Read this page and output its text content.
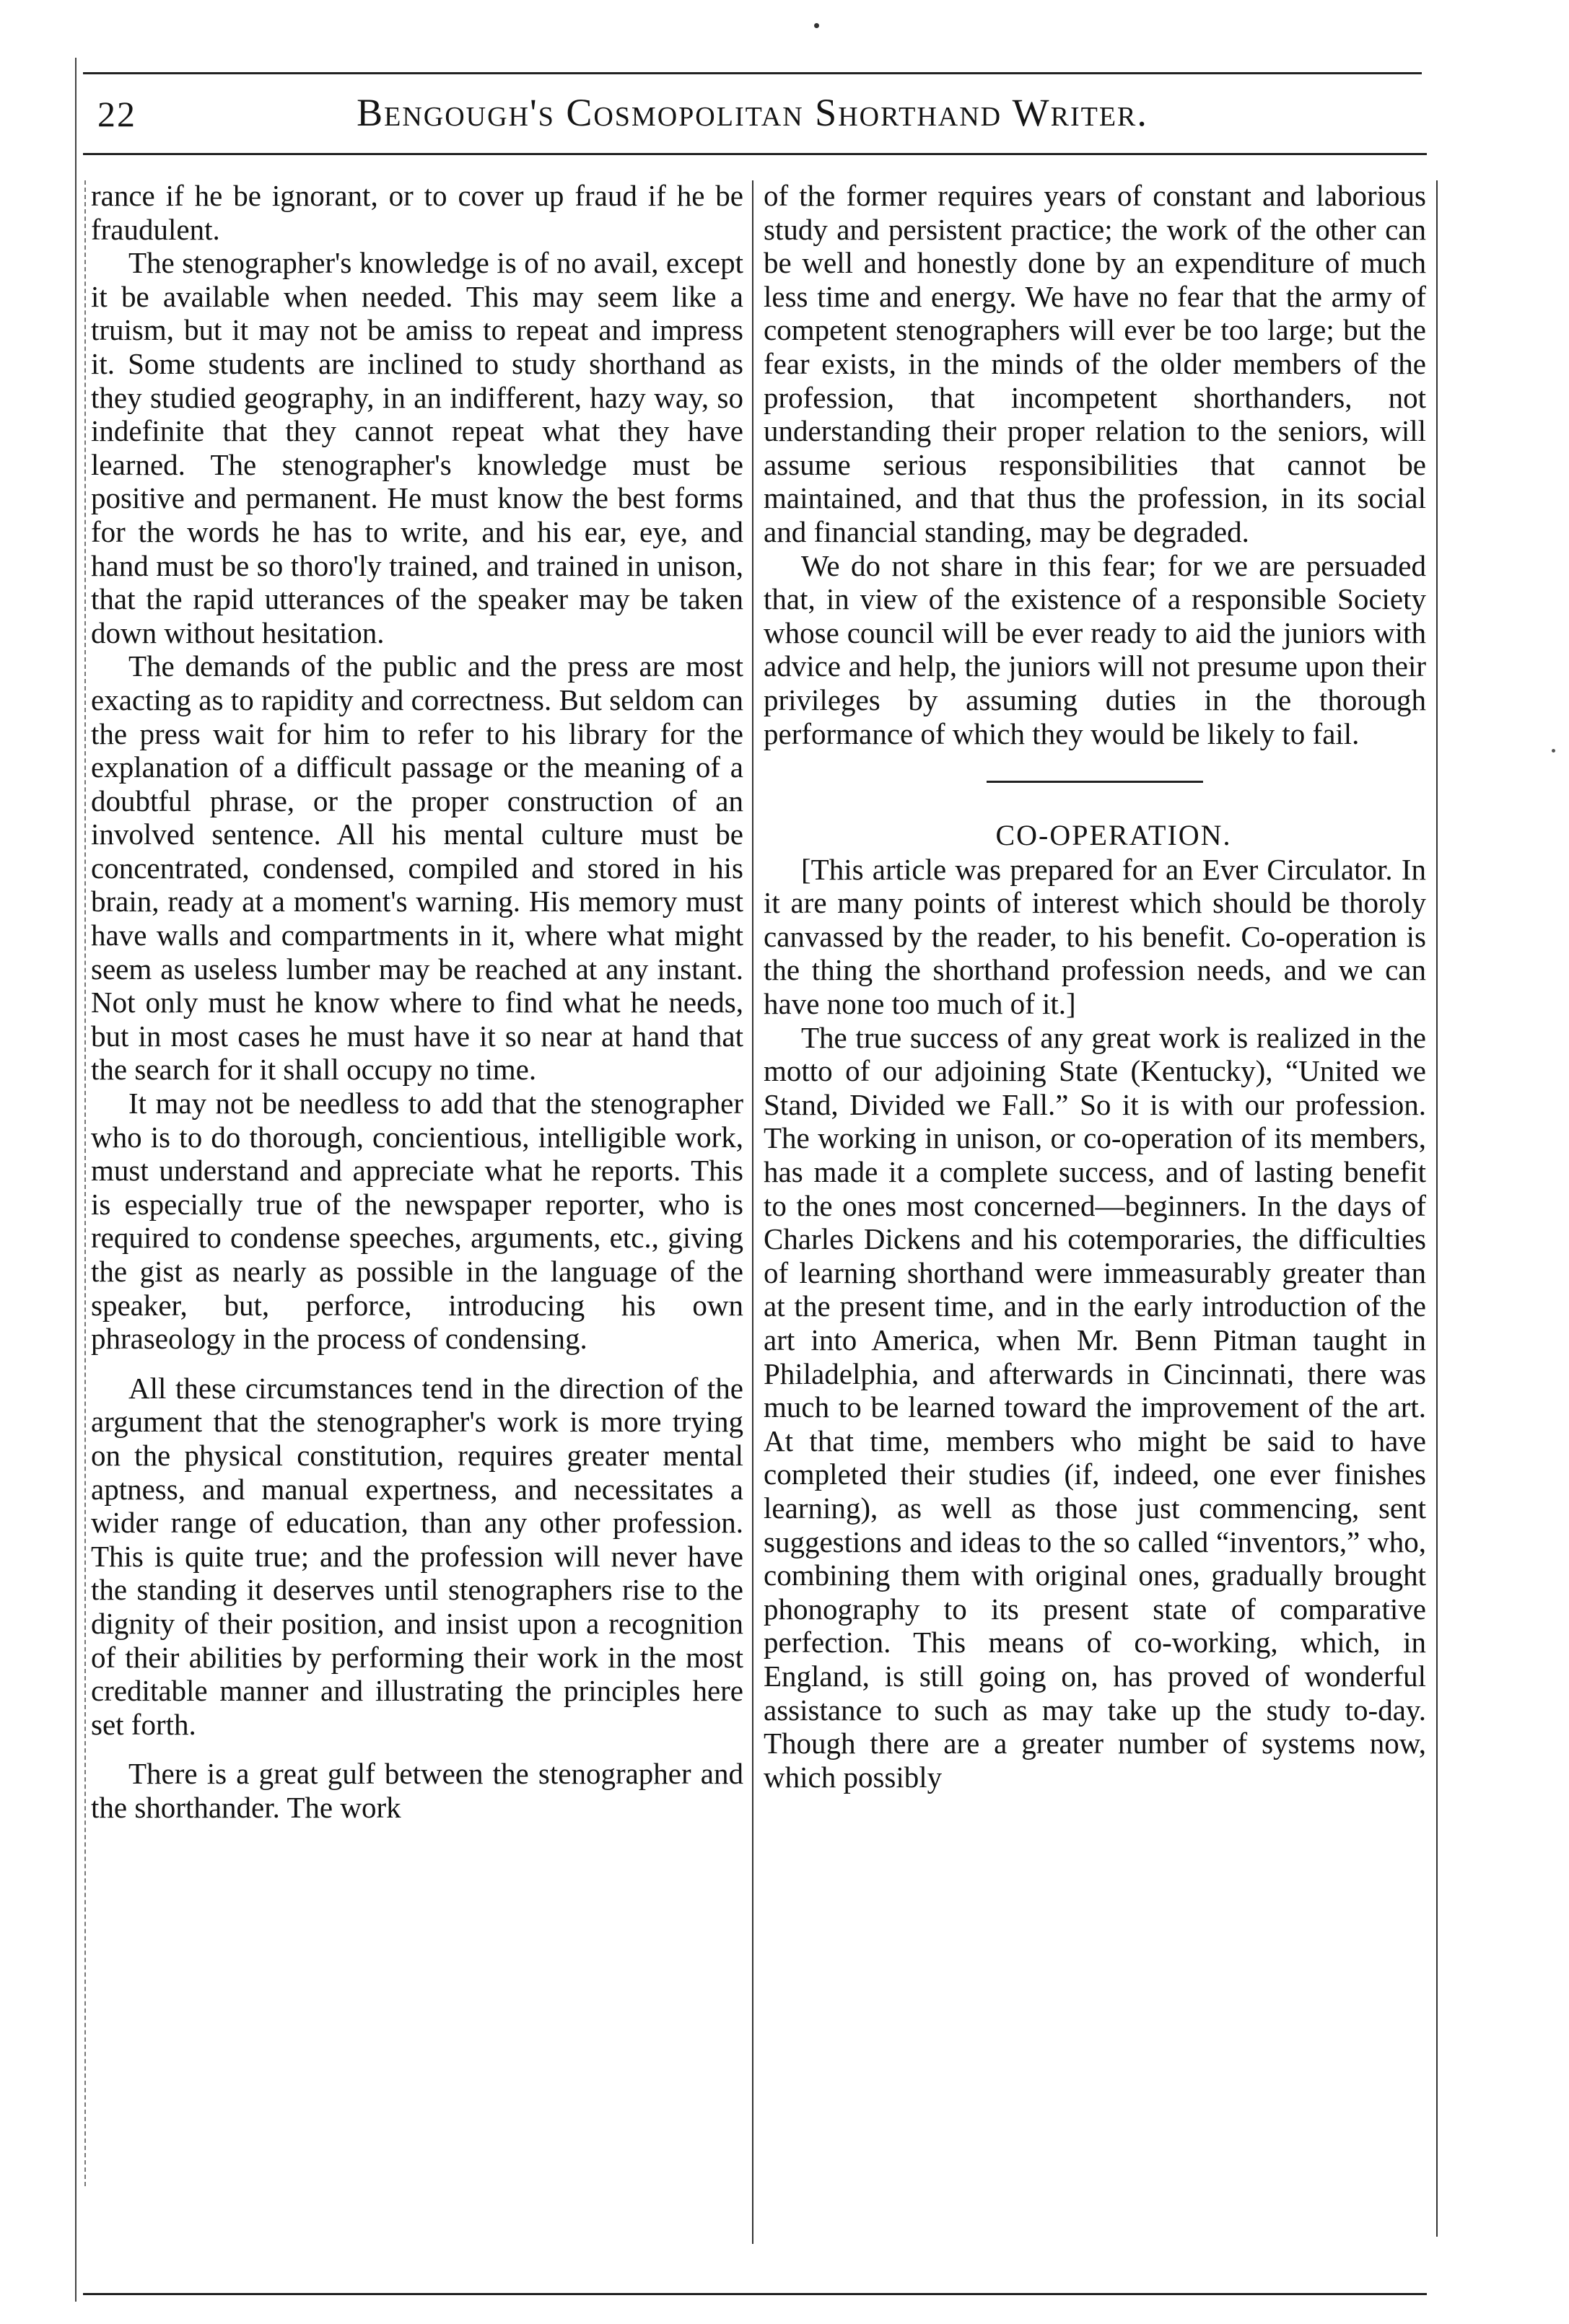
22	Bengough's Cosmopolitan Shorthand Writer.

rance if he be ignorant, or to cover up fraud if he be fraudulent.

The stenographer's knowledge is of no avail, except it be available when needed. This may seem like a truism, but it may not be amiss to repeat and impress it. Some students are inclined to study shorthand as they studied geography, in an indifferent, hazy way, so indefinite that they cannot repeat what they have learned. The stenographer's knowledge must be positive and permanent. He must know the best forms for the words he has to write, and his ear, eye, and hand must be so thoro'ly trained, and trained in unison, that the rapid utterances of the speaker may be taken down without hesitation.

The demands of the public and the press are most exacting as to rapidity and correctness. But seldom can the press wait for him to refer to his library for the explanation of a difficult passage or the meaning of a doubtful phrase, or the proper construction of an involved sentence. All his mental culture must be concentrated, condensed, compiled and stored in his brain, ready at a moment's warning. His memory must have walls and compartments in it, where what might seem as useless lumber may be reached at any instant. Not only must he know where to find what he needs, but in most cases he must have it so near at hand that the search for it shall occupy no time.

It may not be needless to add that the stenographer who is to do thorough, concientious, intelligible work, must understand and appreciate what he reports. This is especially true of the newspaper reporter, who is required to condense speeches, arguments, etc., giving the gist as nearly as possible in the language of the speaker, but, perforce, introducing his own phraseology in the process of condensing.

All these circumstances tend in the direction of the argument that the stenographer's work is more trying on the physical constitution, requires greater mental aptness, and manual expertness, and necessitates a wider range of education, than any other profession. This is quite true; and the profession will never have the standing it deserves until stenographers rise to the dignity of their position, and insist upon a recognition of their abilities by performing their work in the most creditable manner and illustrating the principles here set forth.

There is a great gulf between the stenographer and the shorthander. The work

of the former requires years of constant and laborious study and persistent practice; the work of the other can be well and honestly done by an expenditure of much less time and energy. We have no fear that the army of competent stenographers will ever be too large; but the fear exists, in the minds of the older members of the profession, that incompetent shorthanders, not understanding their proper relation to the seniors, will assume serious responsibilities that cannot be maintained, and that thus the profession, in its social and financial standing, may be degraded.

We do not share in this fear; for we are persuaded that, in view of the existence of a responsible Society whose council will be ever ready to aid the juniors with advice and help, the juniors will not presume upon their privileges by assuming duties in the thorough performance of which they would be likely to fail.

CO-OPERATION.

[This article was prepared for an Ever Circulator. In it are many points of interest which should be thoroly canvassed by the reader, to his benefit. Co-operation is the thing the shorthand profession needs, and we can have none too much of it.]

The true success of any great work is realized in the motto of our adjoining State (Kentucky), “United we Stand, Divided we Fall.” So it is with our profession. The working in unison, or co-operation of its members, has made it a complete success, and of lasting benefit to the ones most concerned—beginners. In the days of Charles Dickens and his cotemporaries, the difficulties of learning shorthand were immeasurably greater than at the present time, and in the early introduction of the art into America, when Mr. Benn Pitman taught in Philadelphia, and afterwards in Cincinnati, there was much to be learned toward the improvement of the art. At that time, members who might be said to have completed their studies (if, indeed, one ever finishes learning), as well as those just commencing, sent suggestions and ideas to the so called “inventors,” who, combining them with original ones, gradually brought phonography to its present state of comparative perfection. This means of co-working, which, in England, is still going on, has proved of wonderful assistance to such as may take up the study to-day. Though there are a greater number of systems now, which possibly
